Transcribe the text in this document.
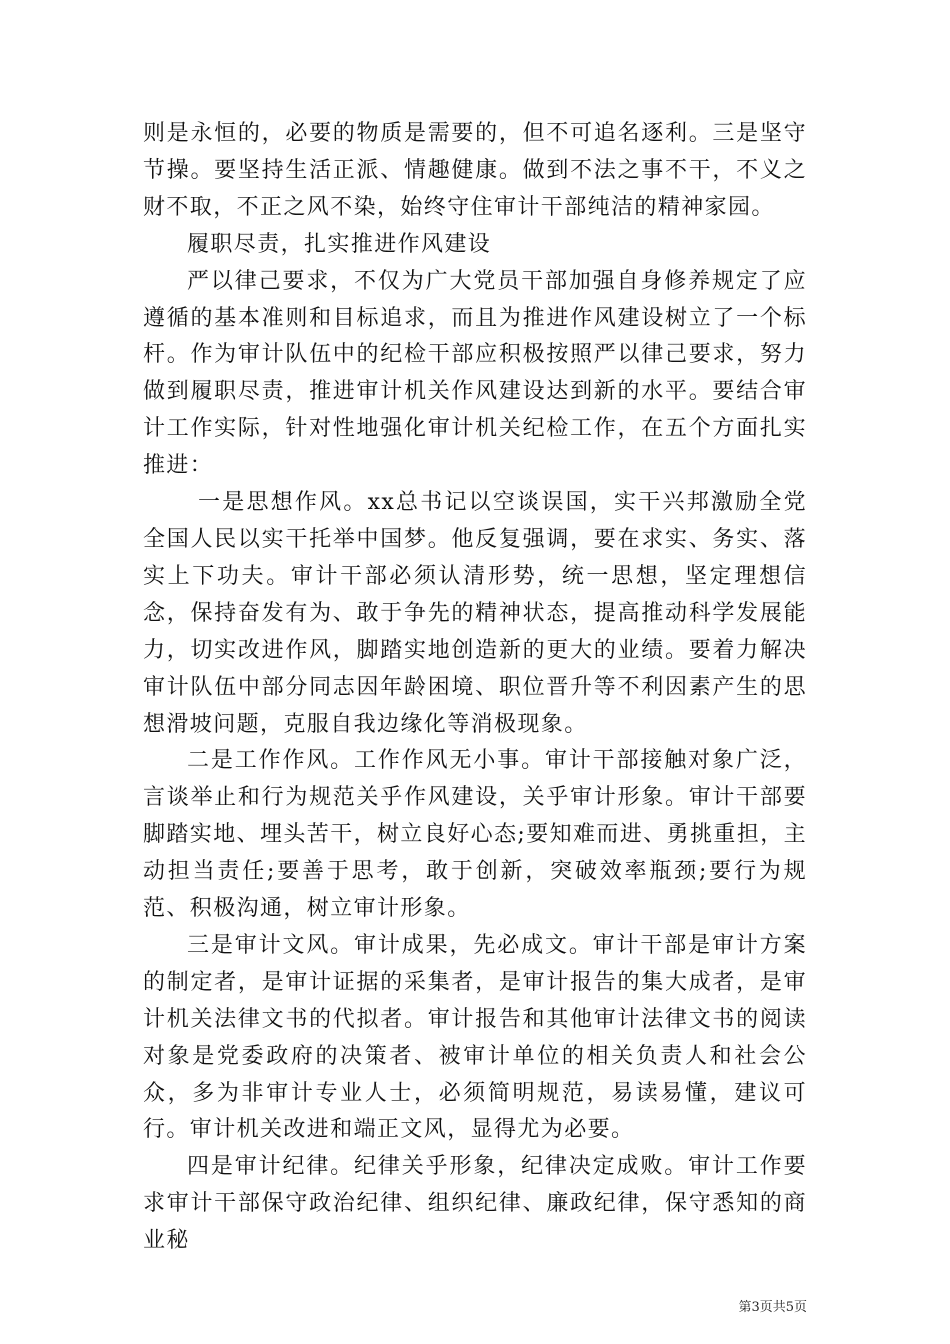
则是永恒的，必要的物质是需要的，但不可追名逐利。三是坚守节操。要坚持生活正派、情趣健康。做到不法之事不干，不义之财不取，不正之风不染，始终守住审计干部纯洁的精神家园。

履职尽责，扎实推进作风建设

严以律己要求，不仅为广大党员干部加强自身修养规定了应遵循的基本准则和目标追求，而且为推进作风建设树立了一个标杆。作为审计队伍中的纪检干部应积极按照严以律己要求，努力做到履职尽责，推进审计机关作风建设达到新的水平。要结合审计工作实际，针对性地强化审计机关纪检工作，在五个方面扎实推进：

一是思想作风。xx总书记以空谈误国，实干兴邦激励全党全国人民以实干托举中国梦。他反复强调，要在求实、务实、落实上下功夫。审计干部必须认清形势，统一思想，坚定理想信念，保持奋发有为、敢于争先的精神状态，提高推动科学发展能力，切实改进作风，脚踏实地创造新的更大的业绩。要着力解决审计队伍中部分同志因年龄困境、职位晋升等不利因素产生的思想滑坡问题，克服自我边缘化等消极现象。

二是工作作风。工作作风无小事。审计干部接触对象广泛，言谈举止和行为规范关乎作风建设，关乎审计形象。审计干部要脚踏实地、埋头苦干，树立良好心态;要知难而进、勇挑重担，主动担当责任;要善于思考，敢于创新，突破效率瓶颈;要行为规范、积极沟通，树立审计形象。

三是审计文风。审计成果，先必成文。审计干部是审计方案的制定者，是审计证据的采集者，是审计报告的集大成者，是审计机关法律文书的代拟者。审计报告和其他审计法律文书的阅读对象是党委政府的决策者、被审计单位的相关负责人和社会公众，多为非审计专业人士，必须简明规范，易读易懂，建议可行。审计机关改进和端正文风，显得尤为必要。

四是审计纪律。纪律关乎形象，纪律决定成败。审计工作要求审计干部保守政治纪律、组织纪律、廉政纪律，保守悉知的商业秘

第3页共5页
